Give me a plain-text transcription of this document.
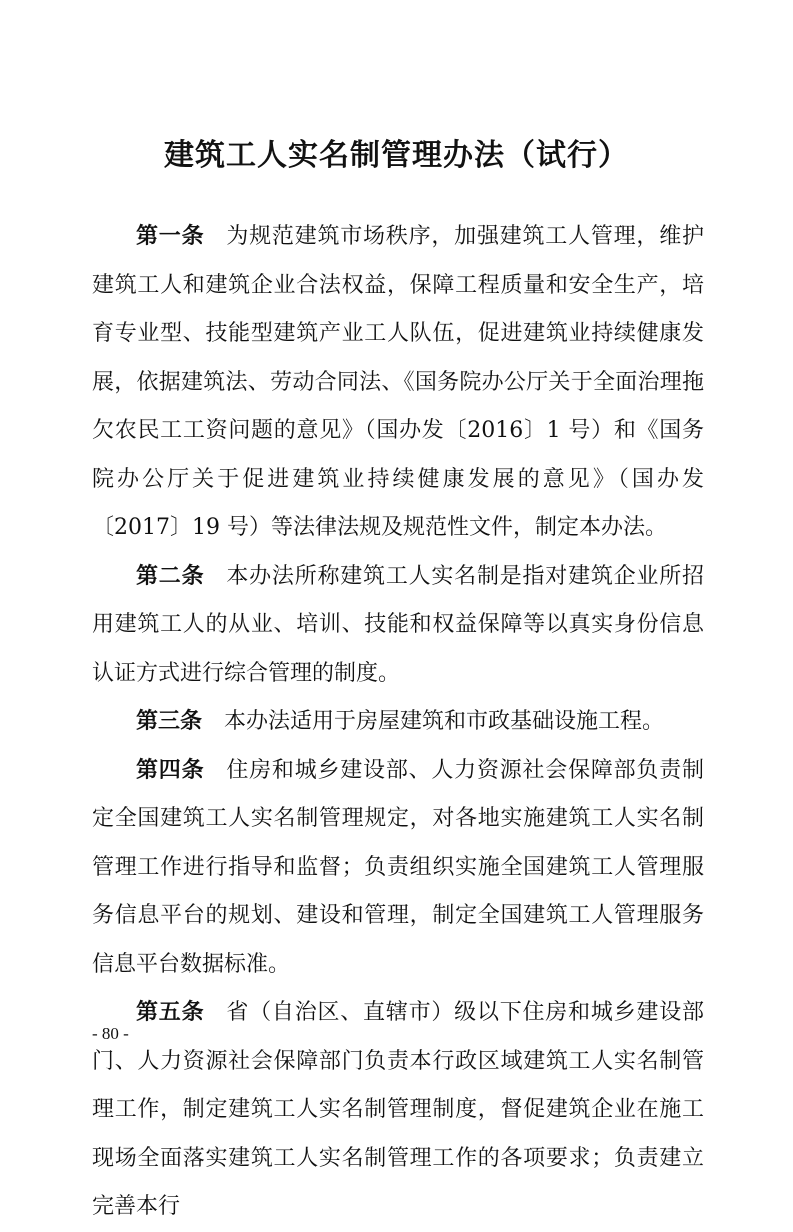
建筑工人实名制管理办法（试行）

第一条 为规范建筑市场秩序，加强建筑工人管理，维护建筑工人和建筑企业合法权益，保障工程质量和安全生产，培育专业型、技能型建筑产业工人队伍，促进建筑业持续健康发展，依据建筑法、劳动合同法、《国务院办公厅关于全面治理拖欠农民工工资问题的意见》（国办发〔2016〕1 号）和《国务院办公厅关于促进建筑业持续健康发展的意见》（国办发〔2017〕19 号）等法律法规及规范性文件，制定本办法。

第二条 本办法所称建筑工人实名制是指对建筑企业所招用建筑工人的从业、培训、技能和权益保障等以真实身份信息认证方式进行综合管理的制度。

第三条 本办法适用于房屋建筑和市政基础设施工程。

第四条 住房和城乡建设部、人力资源社会保障部负责制定全国建筑工人实名制管理规定，对各地实施建筑工人实名制管理工作进行指导和监督；负责组织实施全国建筑工人管理服务信息平台的规划、建设和管理，制定全国建筑工人管理服务信息平台数据标准。

第五条 省（自治区、直辖市）级以下住房和城乡建设部门、人力资源社会保障部门负责本行政区域建筑工人实名制管理工作，制定建筑工人实名制管理制度，督促建筑企业在施工现场全面落实建筑工人实名制管理工作的各项要求；负责建立完善本行

- 80 -
